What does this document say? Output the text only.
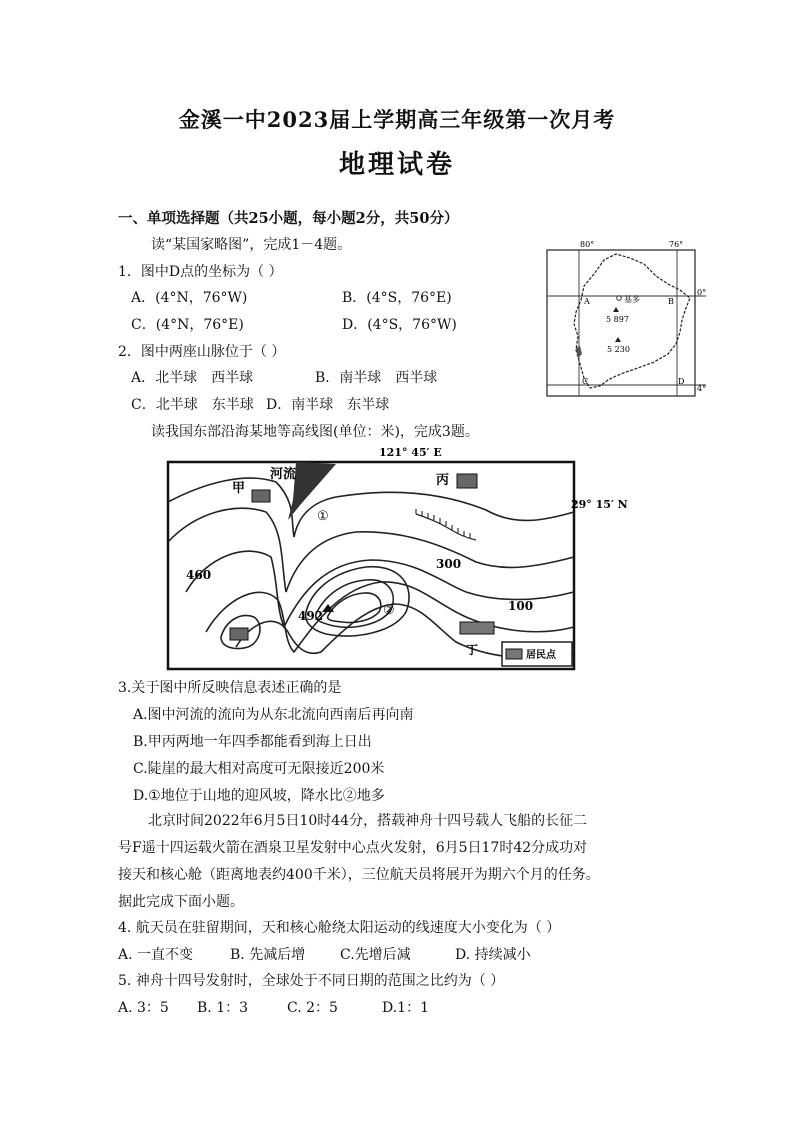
金溪一中2023届上学期高三年级第一次月考
地理试卷
一、单项选择题（共25小题，每小题2分，共50分）
读“某国家略图”，完成1－4题。
1．图中D点的坐标为（ ）
A．(4°N，76°W)	B．(4°S，76°E)
C．(4°N，76°E)	D．(4°S，76°W)
2．图中两座山脉位于（ ）
A．北半球　西半球	B．南半球　西半球
C．北半球　东半球 D．南半球　东半球
80°	76°
0°
4°
A	B
C	D
基多
5 897
5 230
读我国东部沿海某地等高线图(单位：米)，完成3题。
121° 45′ E
29° 15′ N
河流
甲
丙
丁
460
300
100
492
①
②
居民点
3.关于图中所反映信息表述正确的是
A.图中河流的流向为从东北流向西南后再向南
B.甲丙两地一年四季都能看到海上日出
C.陡崖的最大相对高度可无限接近200米
D.①地位于山地的迎风坡，降水比②地多
北京时间2022年6月5日10时44分，搭载神舟十四号载人飞船的长征二
号F遥十四运载火箭在酒泉卫星发射中心点火发射，6月5日17时42分成功对
接天和核心舱（距离地表约400千米），三位航天员将展开为期六个月的任务。
据此完成下面小题。
4. 航天员在驻留期间，天和核心舱绕太阳运动的线速度大小变化为（ ）
A. 一直不变	B. 先减后增 C.先增后减	D. 持续减小
5. 神舟十四号发射时，全球处于不同日期的范围之比约为（ ）
A. 3：5 B. 1：3	C. 2：5	D.1：1
